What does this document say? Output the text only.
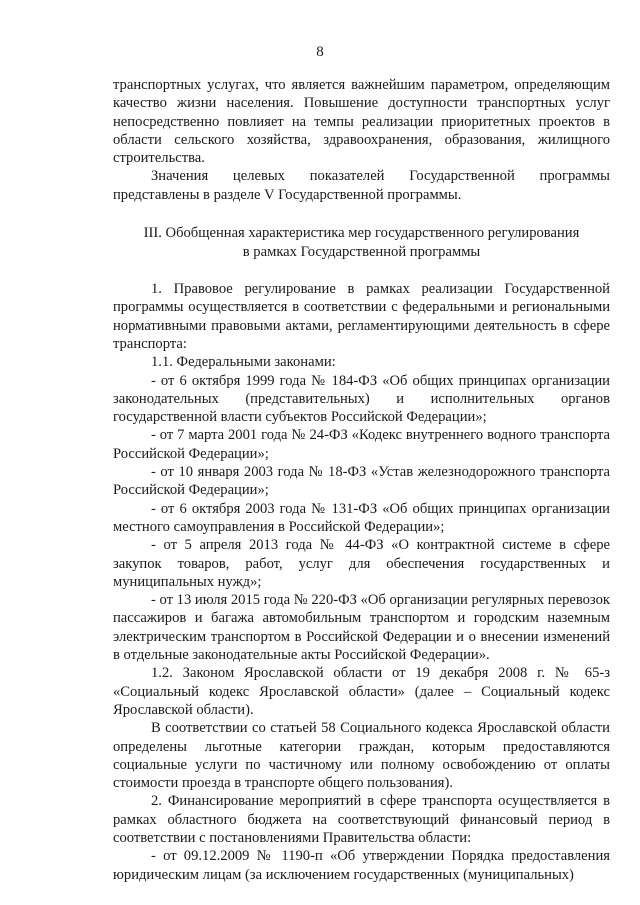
8

транспортных услугах, что является важнейшим параметром, определяющим качество жизни населения. Повышение доступности транспортных услуг непосредственно повлияет на темпы реализации приоритетных проектов в области сельского хозяйства, здравоохранения, образования, жилищного строительства.

Значения целевых показателей Государственной программы представлены в разделе V Государственной программы.

III. Обобщенная характеристика мер государственного регулирования
в рамках Государственной программы

1. Правовое регулирование в рамках реализации Государственной программы осуществляется в соответствии с федеральными и региональными нормативными правовыми актами, регламентирующими деятельность в сфере транспорта:

1.1. Федеральными законами:

- от 6 октября 1999 года № 184-ФЗ «Об общих принципах организации законодательных (представительных) и исполнительных органов государственной власти субъектов Российской Федерации»;

- от 7 марта 2001 года № 24-ФЗ «Кодекс внутреннего водного транспорта Российской Федерации»;

- от 10 января 2003 года № 18-ФЗ «Устав железнодорожного транспорта Российской Федерации»;

- от 6 октября 2003 года № 131-ФЗ «Об общих принципах организации местного самоуправления в Российской Федерации»;

- от 5 апреля 2013 года № 44-ФЗ «О контрактной системе в сфере закупок товаров, работ, услуг для обеспечения государственных и муниципальных нужд»;

- от 13 июля 2015 года № 220-ФЗ «Об организации регулярных перевозок пассажиров и багажа автомобильным транспортом и городским наземным электрическим транспортом в Российской Федерации и о внесении изменений в отдельные законодательные акты Российской Федерации».

1.2. Законом Ярославской области от 19 декабря 2008 г. № 65-з «Социальный кодекс Ярославской области» (далее – Социальный кодекс Ярославской области).

В соответствии со статьей 58 Социального кодекса Ярославской области определены льготные категории граждан, которым предоставляются социальные услуги по частичному или полному освобождению от оплаты стоимости проезда в транспорте общего пользования).

2. Финансирование мероприятий в сфере транспорта осуществляется в рамках областного бюджета на соответствующий финансовый период в соответствии с постановлениями Правительства области:

- от 09.12.2009 № 1190-п «Об утверждении Порядка предоставления юридическим лицам (за исключением государственных (муниципальных)
